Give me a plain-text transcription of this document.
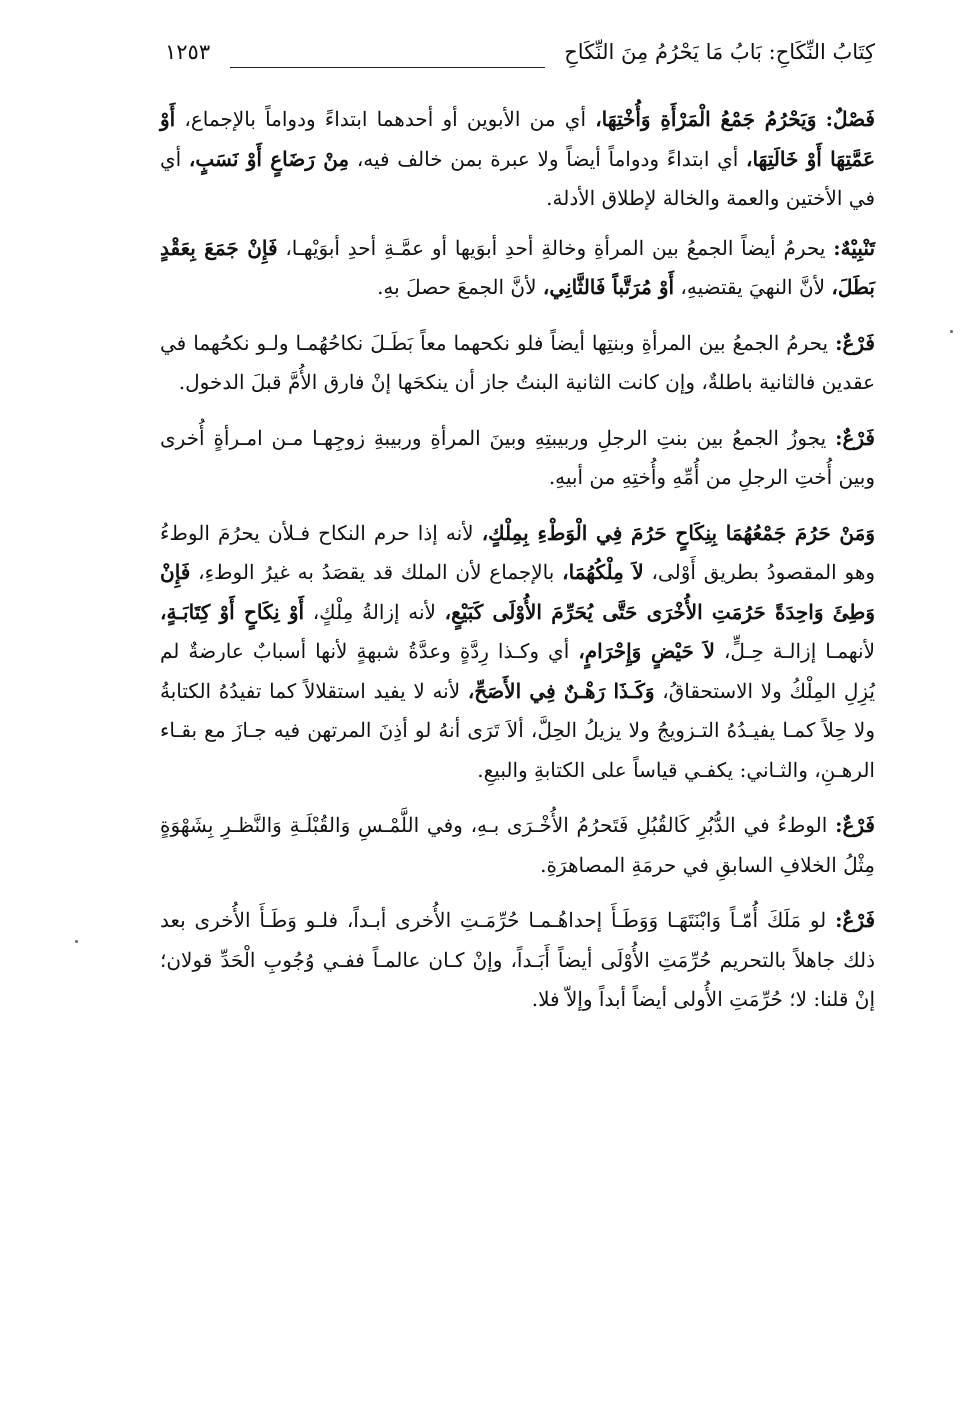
١٢٥٣	كِتَابُ النِّكَاحِ: بَابُ مَا يَحْرُمُ مِنَ النِّكَاحِ

فَصْلٌ: وَيَحْرُمُ جَمْعُ الْمَرْأَةِ وَأُخْتِهَا، أي من الأبوين أو أحدهما ابتداءً ودواماً بالإجماع، أَوْ عَمَّتِهَا أَوْ خَالَتِهَا، أي ابتداءً ودواماً أيضاً ولا عبرة بمن خالف فيه، مِنْ رَضَاعٍ أَوْ نَسَبٍ، أي في الأختين والعمة والخالة لإطلاق الأدلة.

تَنْبِيْهٌ: يحرمُ أيضاً الجمعُ بين المرأةِ وخالةِ أحدِ أبوَيها أو عمَّـةِ أحدِ أبوَيْهـا، فَإِنْ جَمَعَ بِعَقْدٍ بَطَلَ، لأنَّ النهيَ يقتضيهِ، أَوْ مُرَتَّباً فَالثَّانِي، لأنَّ الجمعَ حصلَ بهِ.

فَرْعٌ: يحرمُ الجمعُ بين المرأةِ وبنتِها أيضاً فلو نكحهما معاً بَطَـلَ نكاحُهُمـا ولـو نكحُهما في عقدين فالثانية باطلةٌ، وإن كانت الثانية البنتُ جاز أن ينكحَها إنْ فارق الأُمَّ قبلَ الدخول.

فَرْعٌ: يجوزُ الجمعُ بين بنتِ الرجلِ وربيبتِهِ وبينَ المرأةِ وربيبةِ زوجِهـا مـن امـرأةٍ أُخرى وبين أُختِ الرجلِ من أُمِّهِ وأُختِهِ من أبيهِ.

وَمَنْ حَرُمَ جَمْعُهُمَا بِنِكَاحٍ حَرُمَ فِي الْوَطْءِ بِمِلْكٍ، لأنه إذا حرم النكاح فـلأن يحرُمَ الوطءُ وهو المقصودُ بطريق أَوْلى، لاَ مِلْكُهُمَا، بالإجماع لأن الملك قد يقصَدُ به غيرُ الوطءِ، فَإِنْ وَطِئَ وَاحِدَةً حَرُمَتِ الأُخْرَى حَتَّى يُحَرِّمَ الأُوْلَى كَبَيْعٍ، لأنه إزالةُ مِلْكٍ، أَوْ نِكَاحٍ أَوْ كِتَابَـةٍ، لأنهمـا إزالـة حِـلٍّ، لاَ حَيْضٍ وَإِحْرَامٍ، أي وكـذا رِدَّةٍ وعدَّةُ شبهةٍ لأنها أسبابٌ عارضةٌ لم يُزِلِ المِلْكُ ولا الاستحقاقُ، وَكَـذَا رَهْـنٌ فِي الأَصَحِّ، لأنه لا يفيد استقلالاً كما تفيدُهُ الكتابةُ ولا حِلاً كمـا يفيـدُهُ التـزويجُ ولا يزيلُ الحِلَّ، ألاَ تَرَى أنهُ لو أذِنَ المرتهن فيه جـازَ مع بقـاء الرهـنِ، والثـاني: يكفـي قياساً على الكتابةِ والبيعِ.

فَرْعٌ: الوطءُ في الدُّبُرِ كَالقُبُلِ فَتَحرُمُ الأُخْـرَى بـهِ، وفي اللَّمْـسِ وَالقُبْلَـةِ وَالنَّظـرِ بِشَهْوَةٍ مِثْلُ الخلافِ السابقِ في حرمَةِ المصاهرَةِ.

فَرْعٌ: لو مَلَكَ أُمّـاً وَابْنَتَهَـا وَوَطَـأَ إحداهُـمـا حُرِّمَـتِ الأُخرى أبـداً، فلـو وَطَـأَ الأُخرى بعد ذلك جاهلاً بالتحريم حُرِّمَتِ الأُوْلَى أيضاً أَبَـداً، وإنْ كـان عالمـاً ففـي وُجُوبِ الْحَدِّ قولان؛ إنْ قلنا: لا؛ حُرِّمَتِ الأُولى أيضاً أبداً وإلاّ فلا.
